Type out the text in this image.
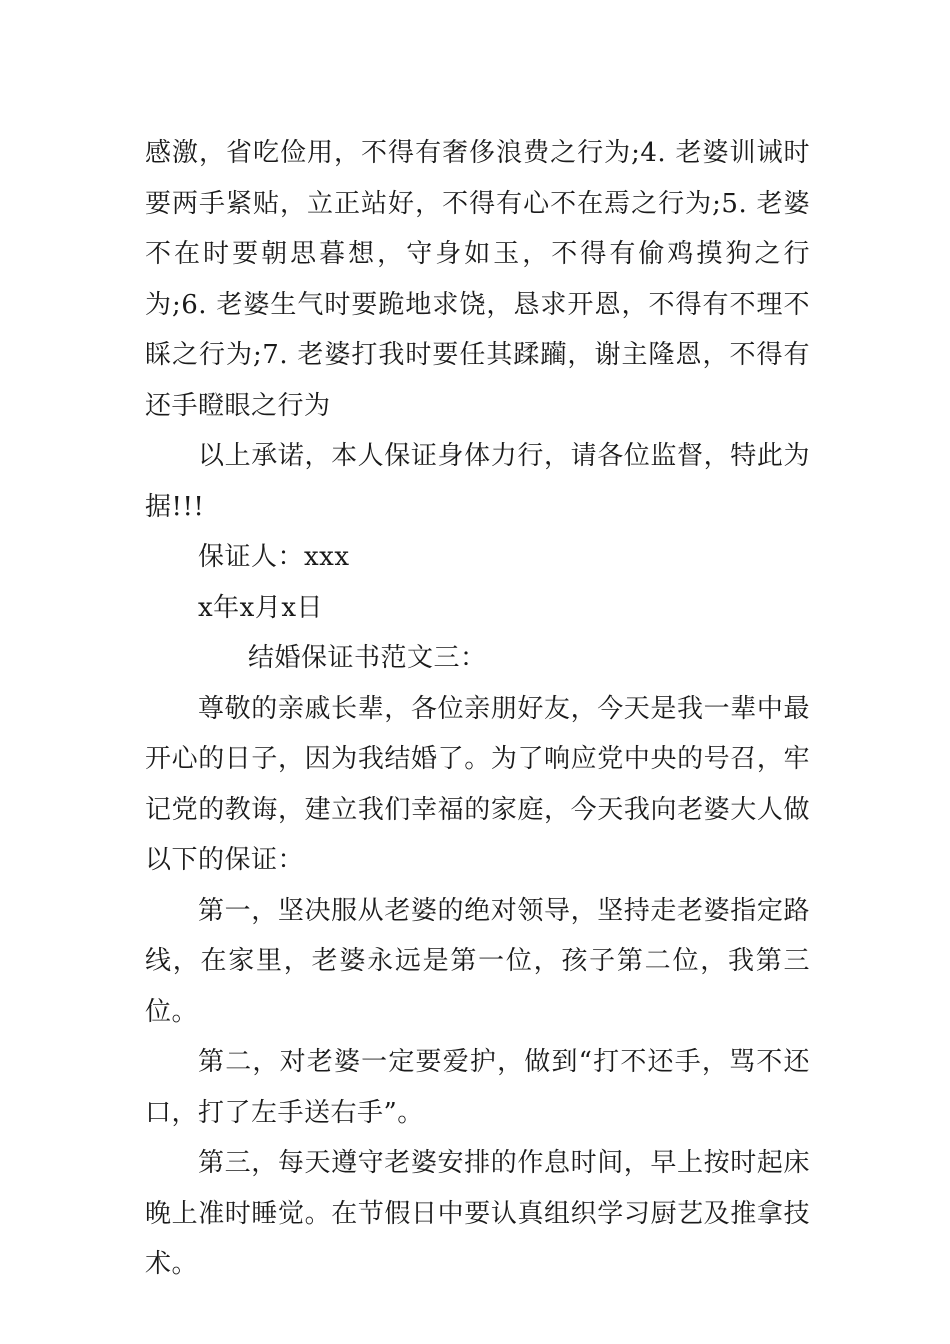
感激，省吃俭用，不得有奢侈浪费之行为;4. 老婆训诫时要两手紧贴，立正站好，不得有心不在焉之行为;5. 老婆不在时要朝思暮想，守身如玉，不得有偷鸡摸狗之行为;6. 老婆生气时要跪地求饶，恳求开恩，不得有不理不睬之行为;7. 老婆打我时要任其蹂躏，谢主隆恩，不得有还手瞪眼之行为

以上承诺，本人保证身体力行，请各位监督，特此为据!!!

保证人：xxx

x年x月x日

结婚保证书范文三：

尊敬的亲戚长辈，各位亲朋好友，今天是我一辈中最开心的日子，因为我结婚了。为了响应党中央的号召，牢记党的教诲，建立我们幸福的家庭，今天我向老婆大人做以下的保证：

第一，坚决服从老婆的绝对领导，坚持走老婆指定路线，在家里，老婆永远是第一位，孩子第二位，我第三位。

第二，对老婆一定要爱护，做到“打不还手，骂不还口，打了左手送右手”。

第三，每天遵守老婆安排的作息时间，早上按时起床晚上准时睡觉。在节假日中要认真组织学习厨艺及推拿技术。
